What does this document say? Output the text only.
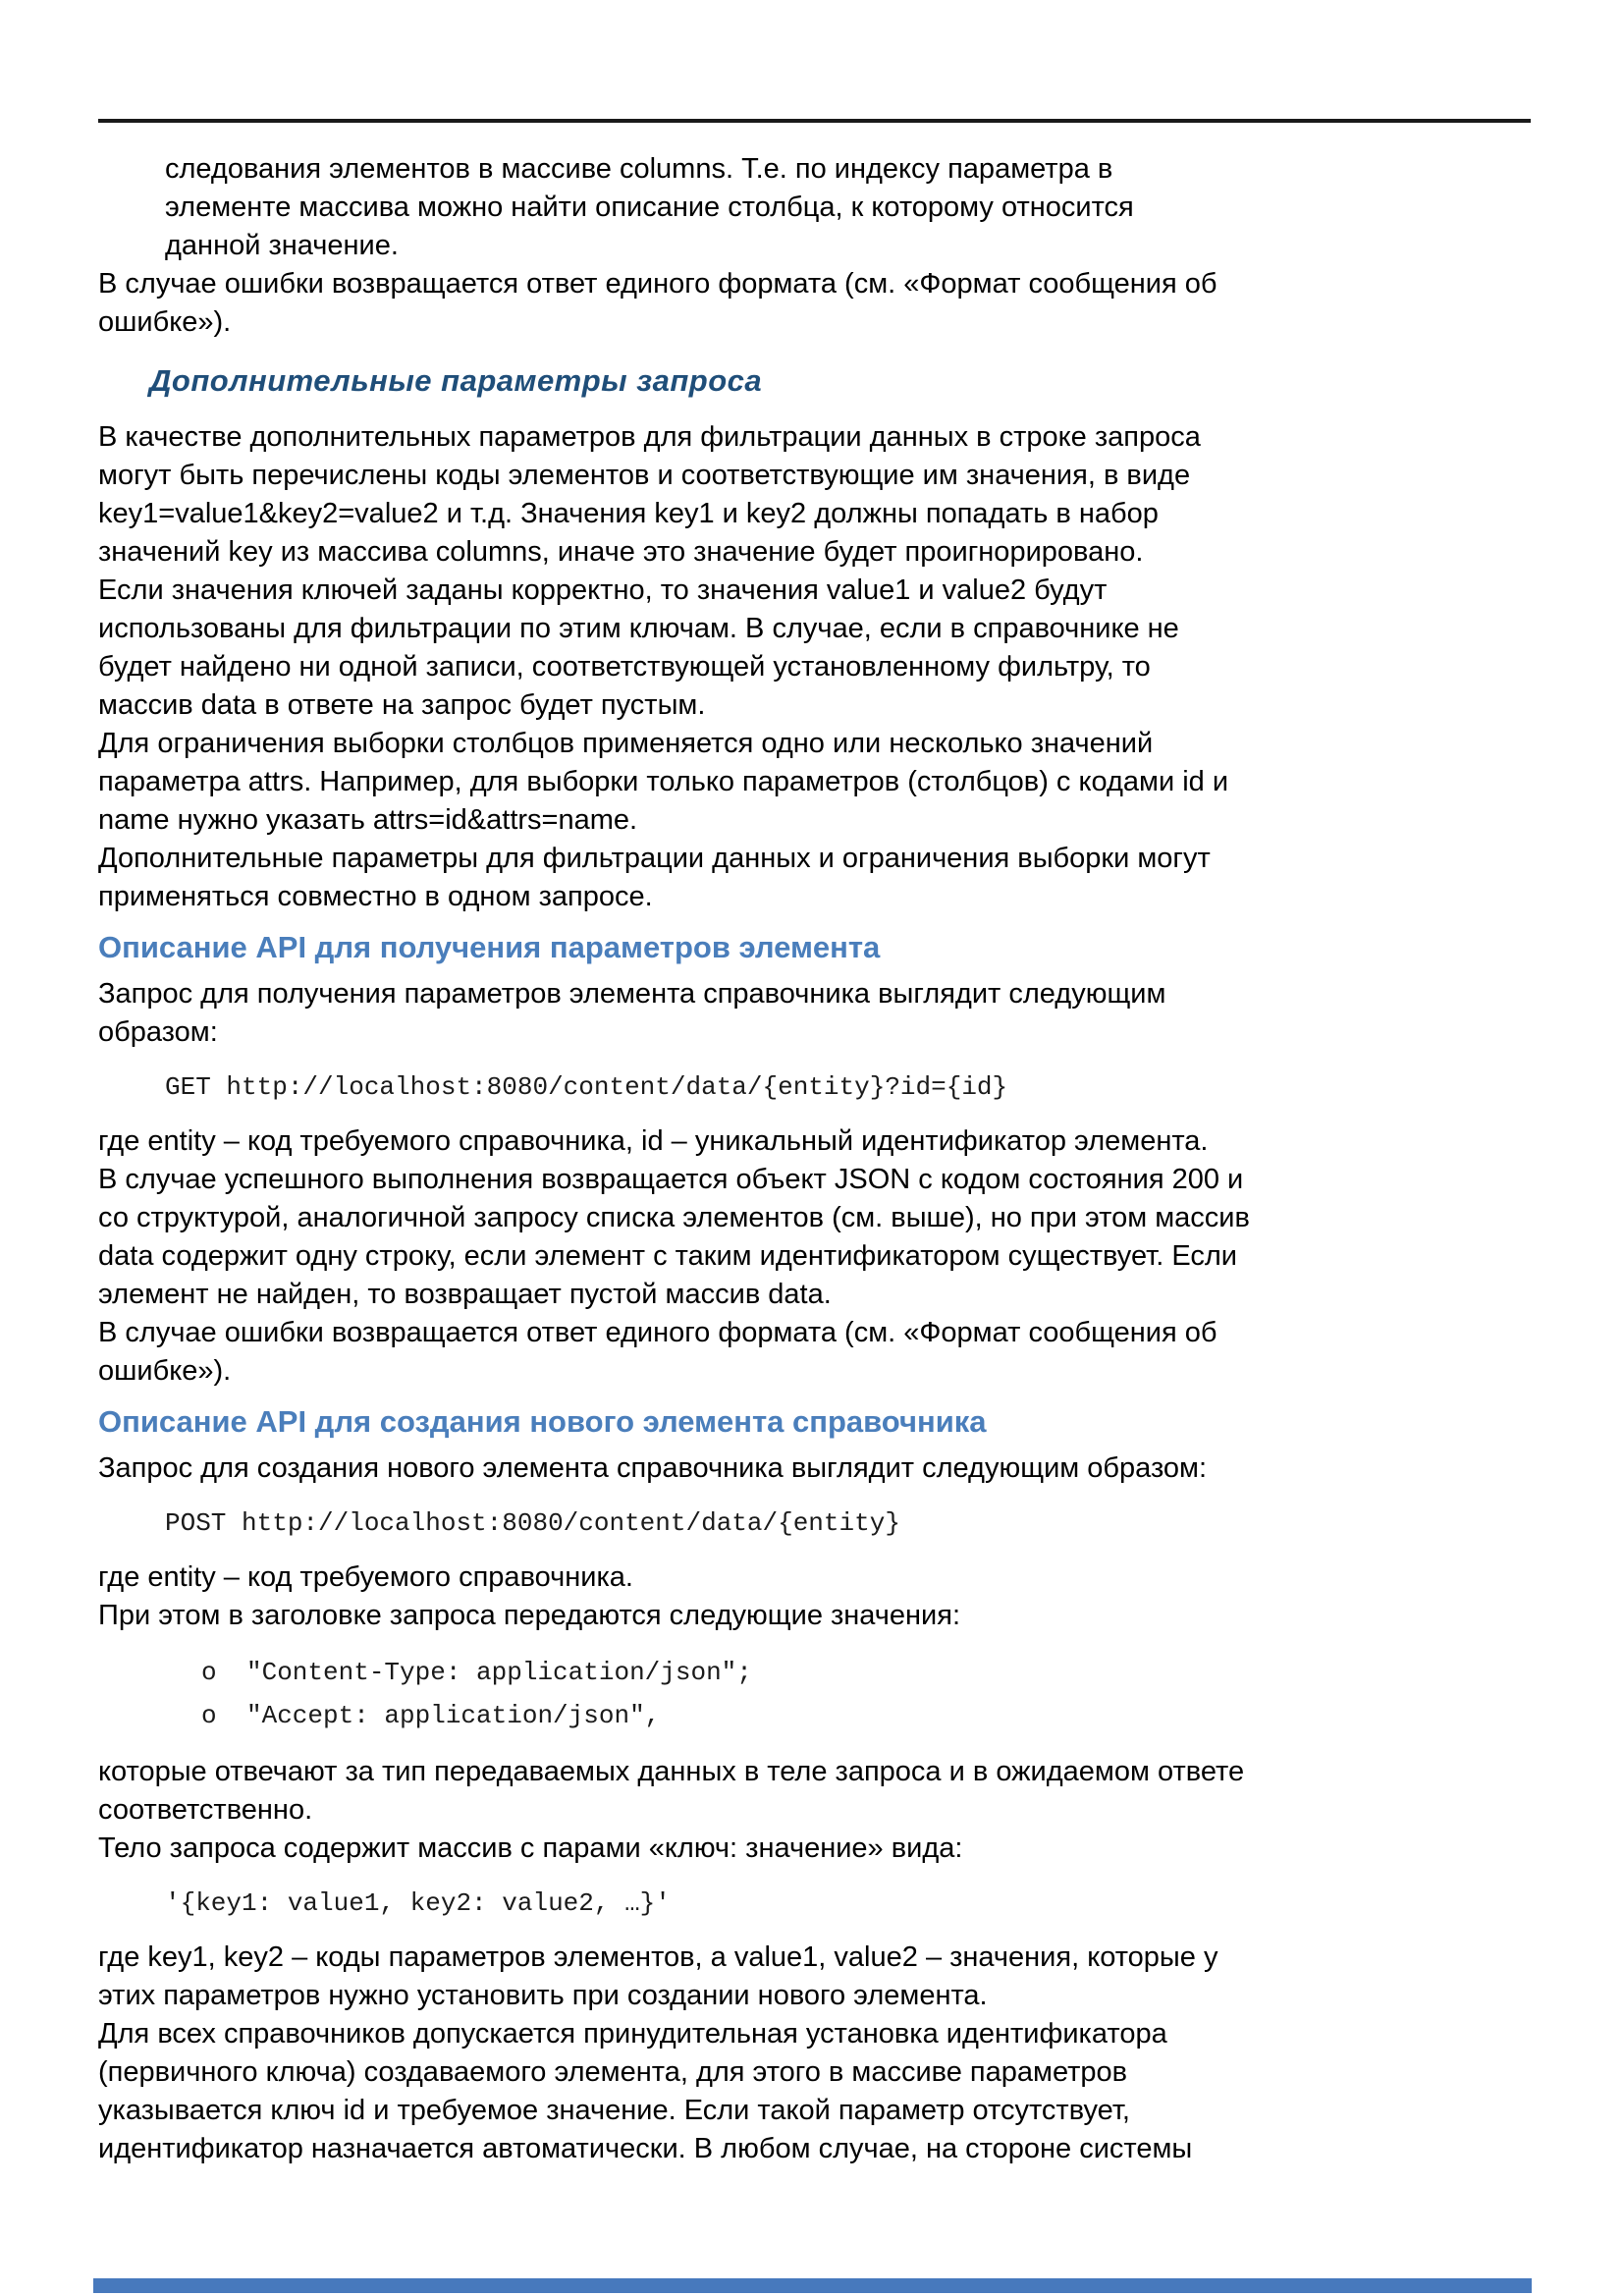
следования элементов в массиве columns. Т.е. по индексу параметра в
элементе массива можно найти описание столбца, к которому относится
данной значение.
В случае ошибки возвращается ответ единого формата (см. «Формат сообщения об
ошибке»).
Дополнительные параметры запроса
В качестве дополнительных параметров для фильтрации данных в строке запроса
могут быть перечислены коды элементов и соответствующие им значения, в виде
key1=value1&key2=value2 и т.д. Значения key1 и key2 должны попадать в набор
значений key из массива columns, иначе это значение будет проигнорировано.
Если значения ключей заданы корректно, то значения value1 и value2 будут
использованы для фильтрации по этим ключам. В случае, если в справочнике не
будет найдено ни одной записи, соответствующей установленному фильтру, то
массив data в ответе на запрос будет пустым.
Для ограничения выборки столбцов применяется одно или несколько значений
параметра attrs. Например, для выборки только параметров (столбцов) с кодами id и
name нужно указать attrs=id&attrs=name.
Дополнительные параметры для фильтрации данных и ограничения выборки могут
применяться совместно в одном запросе.
Описание API для получения параметров элемента
Запрос для получения параметров элемента справочника выглядит следующим
образом:
GET http://localhost:8080/content/data/{entity}?id={id}
где entity – код требуемого справочника, id – уникальный идентификатор элемента.
В случае успешного выполнения возвращается объект JSON с кодом состояния 200 и
со структурой, аналогичной запросу списка элементов (см. выше), но при этом массив
data содержит одну строку, если элемент с таким идентификатором существует. Если
элемент не найден, то возвращает пустой массив data.
В случае ошибки возвращается ответ единого формата (см. «Формат сообщения об
ошибке»).
Описание API для создания нового элемента справочника
Запрос для создания нового элемента справочника выглядит следующим образом:
POST http://localhost:8080/content/data/{entity}
где entity – код требуемого справочника.
При этом в заголовке запроса передаются следующие значения:
o "Content-Type: application/json";
o "Accept: application/json",
которые отвечают за тип передаваемых данных в теле запроса и в ожидаемом ответе
соответственно.
Тело запроса содержит массив с парами «ключ: значение» вида:
'{key1: value1, key2: value2, …}'
где key1, key2 – коды параметров элементов, а value1, value2 – значения, которые у
этих параметров нужно установить при создании нового элемента.
Для всех справочников допускается принудительная установка идентификатора
(первичного ключа) создаваемого элемента, для этого в массиве параметров
указывается ключ id и требуемое значение. Если такой параметр отсутствует,
идентификатор назначается автоматически. В любом случае, на стороне системы
